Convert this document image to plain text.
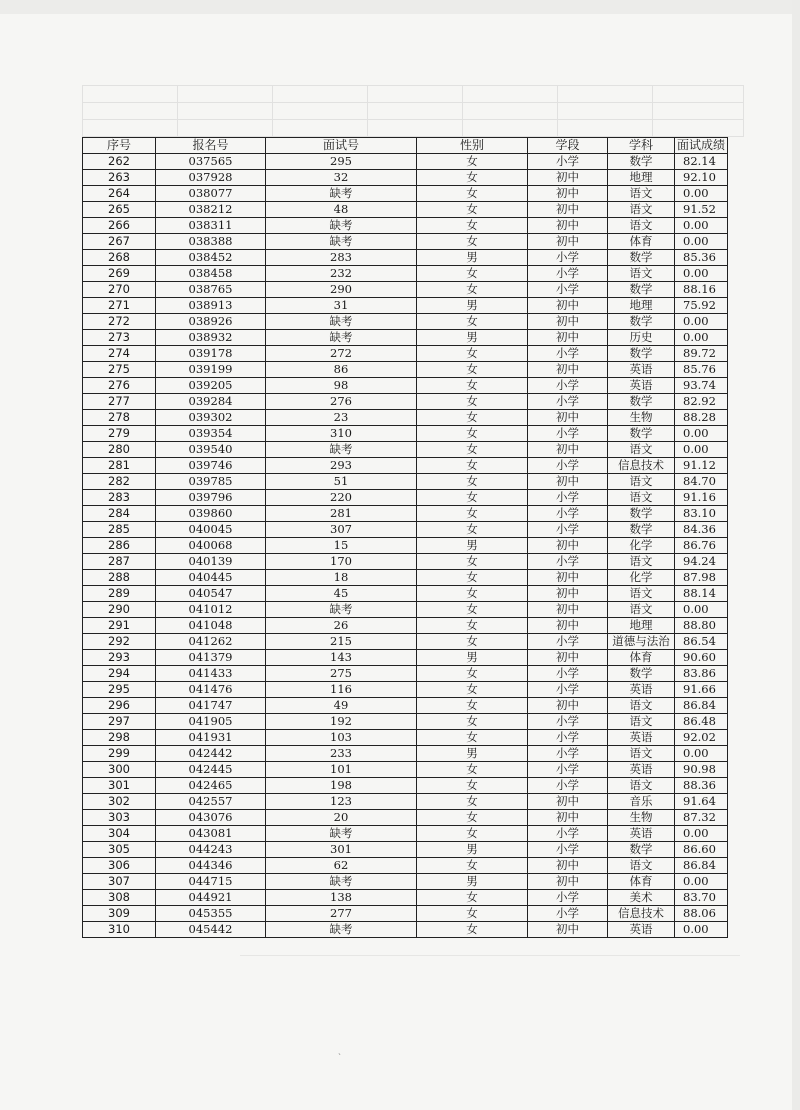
序号	报名号	面试号	性别	学段	学科	面试成绩
262	037565	295	女	小学	数学	82.14
263	037928	32	女	初中	地理	92.10
264	038077	缺考	女	初中	语文	0.00
265	038212	48	女	初中	语文	91.52
266	038311	缺考	女	初中	语文	0.00
267	038388	缺考	女	初中	体育	0.00
268	038452	283	男	小学	数学	85.36
269	038458	232	女	小学	语文	0.00
270	038765	290	女	小学	数学	88.16
271	038913	31	男	初中	地理	75.92
272	038926	缺考	女	初中	数学	0.00
273	038932	缺考	男	初中	历史	0.00
274	039178	272	女	小学	数学	89.72
275	039199	86	女	初中	英语	85.76
276	039205	98	女	小学	英语	93.74
277	039284	276	女	小学	数学	82.92
278	039302	23	女	初中	生物	88.28
279	039354	310	女	小学	数学	0.00
280	039540	缺考	女	初中	语文	0.00
281	039746	293	女	小学	信息技术	91.12
282	039785	51	女	初中	语文	84.70
283	039796	220	女	小学	语文	91.16
284	039860	281	女	小学	数学	83.10
285	040045	307	女	小学	数学	84.36
286	040068	15	男	初中	化学	86.76
287	040139	170	女	小学	语文	94.24
288	040445	18	女	初中	化学	87.98
289	040547	45	女	初中	语文	88.14
290	041012	缺考	女	初中	语文	0.00
291	041048	26	女	初中	地理	88.80
292	041262	215	女	小学	道德与法治	86.54
293	041379	143	男	初中	体育	90.60
294	041433	275	女	小学	数学	83.86
295	041476	116	女	小学	英语	91.66
296	041747	49	女	初中	语文	86.84
297	041905	192	女	小学	语文	86.48
298	041931	103	女	小学	英语	92.02
299	042442	233	男	小学	语文	0.00
300	042445	101	女	小学	英语	90.98
301	042465	198	女	小学	语文	88.36
302	042557	123	女	初中	音乐	91.64
303	043076	20	女	初中	生物	87.32
304	043081	缺考	女	小学	英语	0.00
305	044243	301	男	小学	数学	86.60
306	044346	62	女	初中	语文	86.84
307	044715	缺考	男	初中	体育	0.00
308	044921	138	女	小学	美术	83.70
309	045355	277	女	小学	信息技术	88.06
310	045442	缺考	女	初中	英语	0.00
ˎ
